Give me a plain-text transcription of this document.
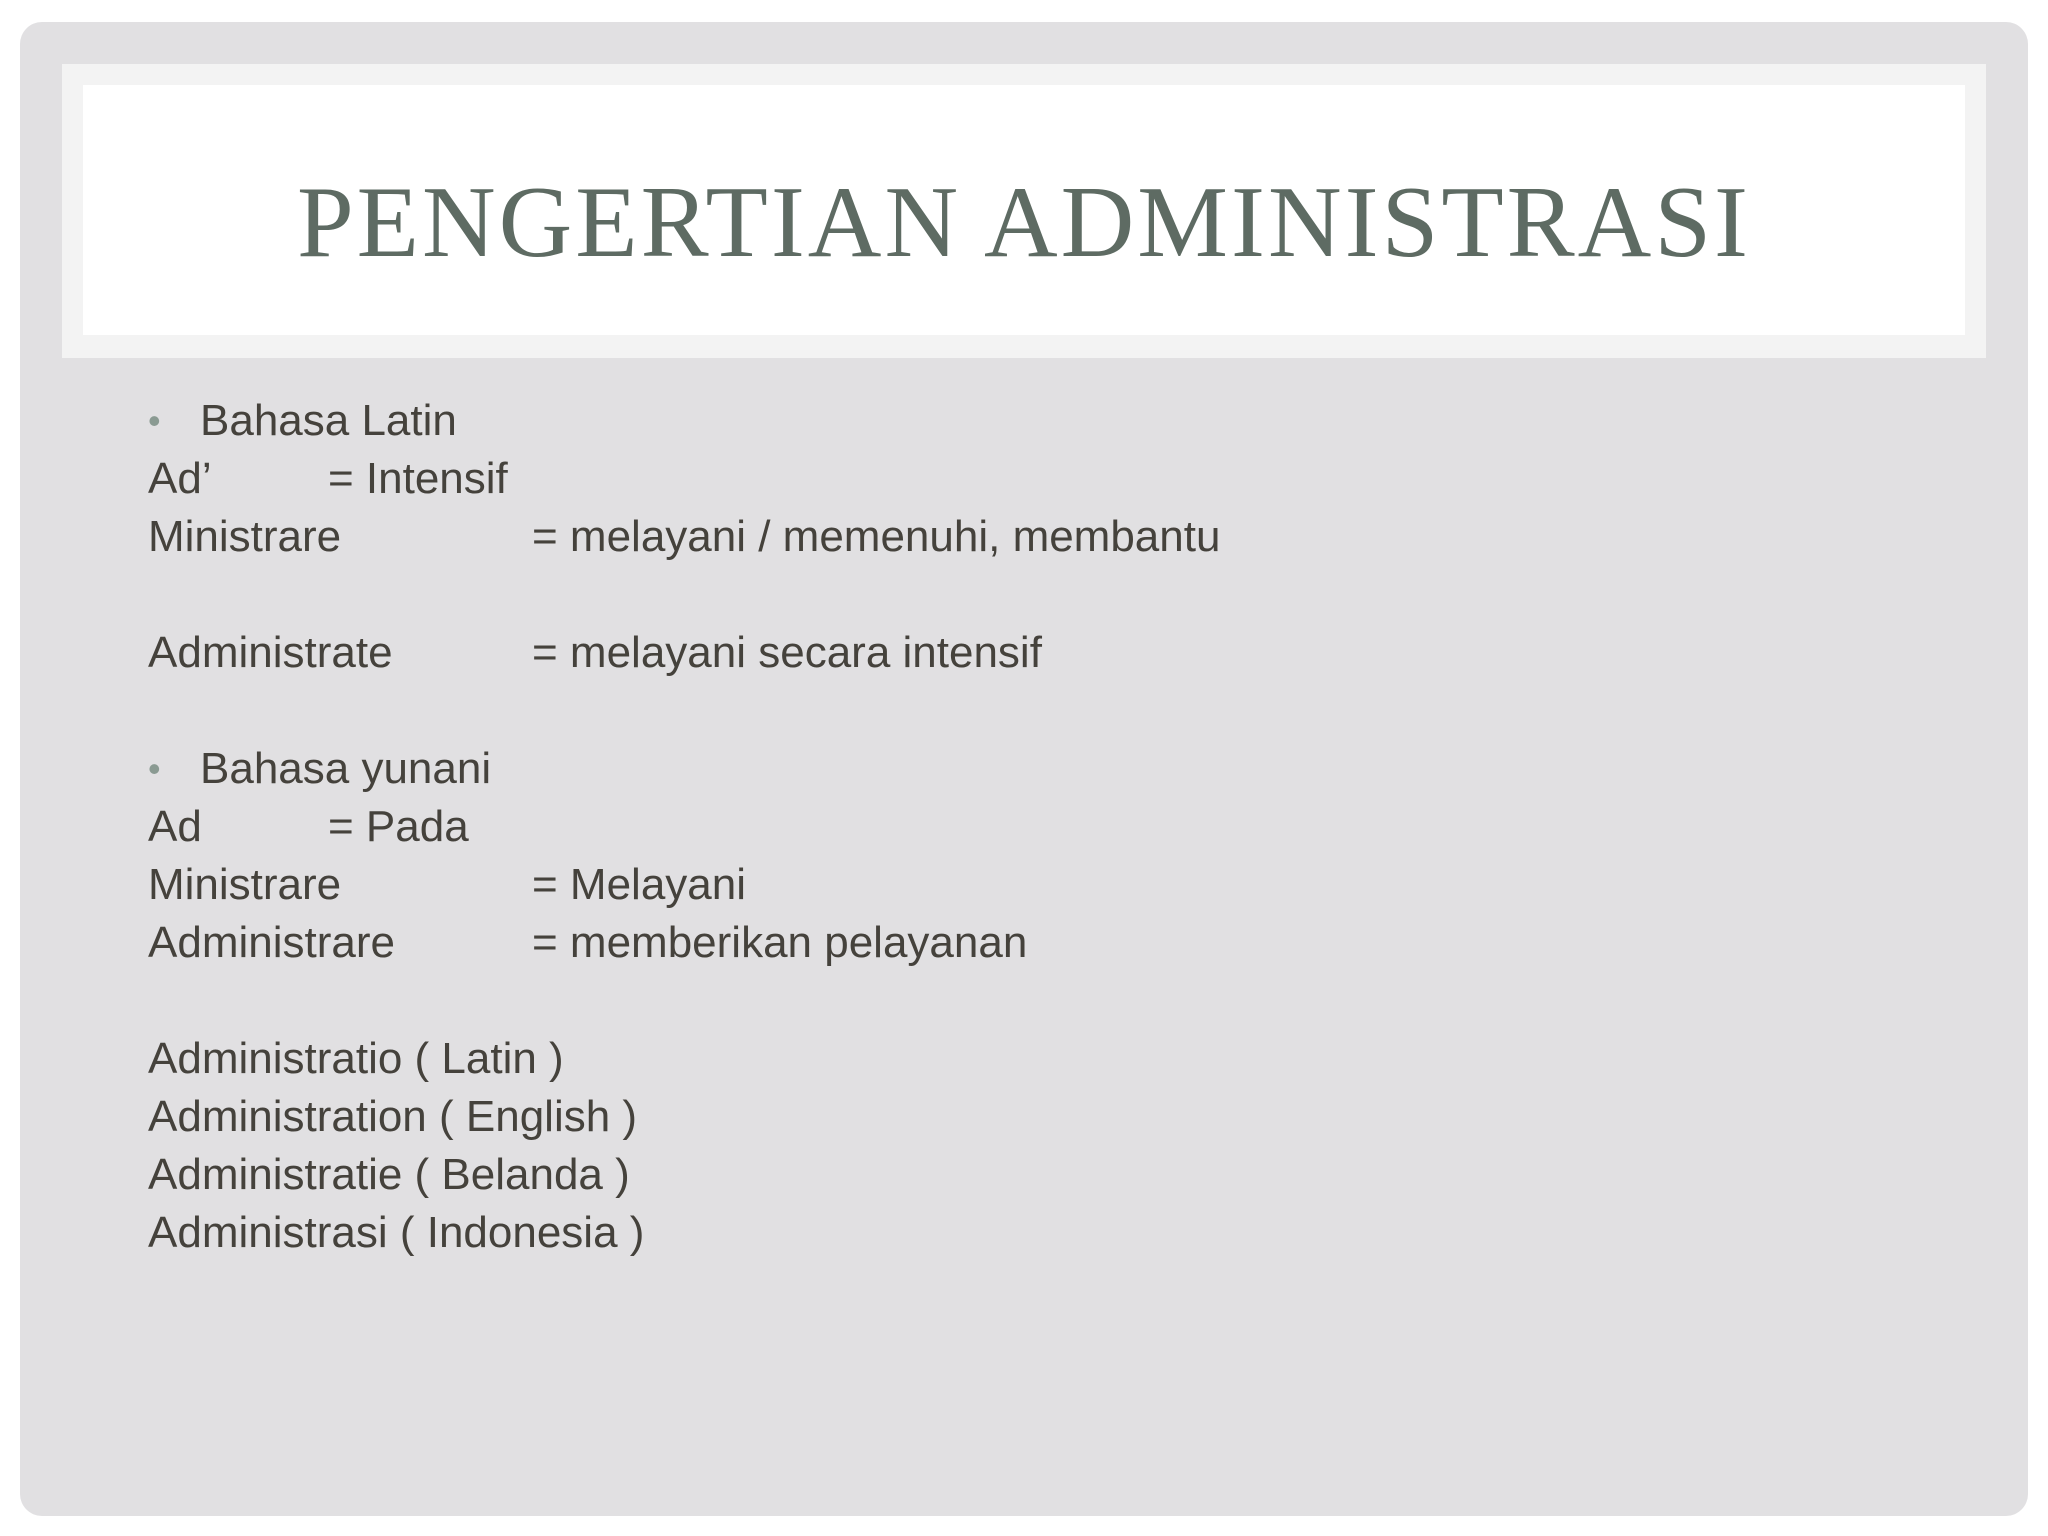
PENGERTIAN ADMINISTRASI
• Bahasa Latin
Ad’	= Intensif
Ministrare	= melayani / memenuhi, membantu
Administrate	= melayani secara intensif
• Bahasa yunani
Ad	= Pada
Ministrare	= Melayani
Administrare	= memberikan pelayanan
Administratio ( Latin )
Administration ( English )
Administratie ( Belanda )
Administrasi ( Indonesia )
